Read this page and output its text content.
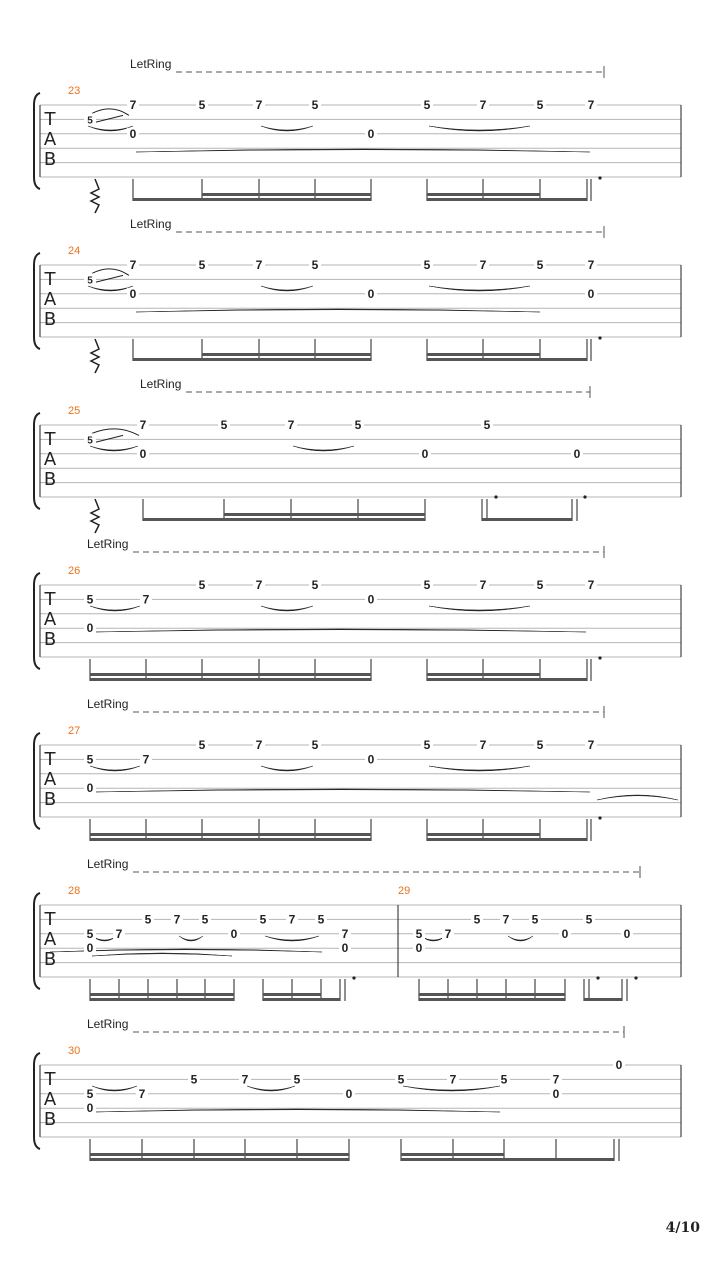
T
A
B
23
LetRing
5
7
0
5	7	5
0
5	7	5	7
T
A
B
24
LetRing
5
7
0
5	7	5
0
5	7	5	7
0
T
A
B
25
LetRing
5
7
0
5	7	5
0
5
0
T
A
B
26
LetRing
5
0
7
5	7	5
0
5	7	5	7
T
A
B
27
LetRing
5
0
7
5	7	5
0
5	7	5	7
T
A
B
28	29
LetRing
5
0
7
5 7 5
0
5 7 5
7
0
5
0
7
5 7 5
0
5
0
T
A
B
30
LetRing
5
0
7
5	7	5
0
5	7	5	7
0
0
4/10
